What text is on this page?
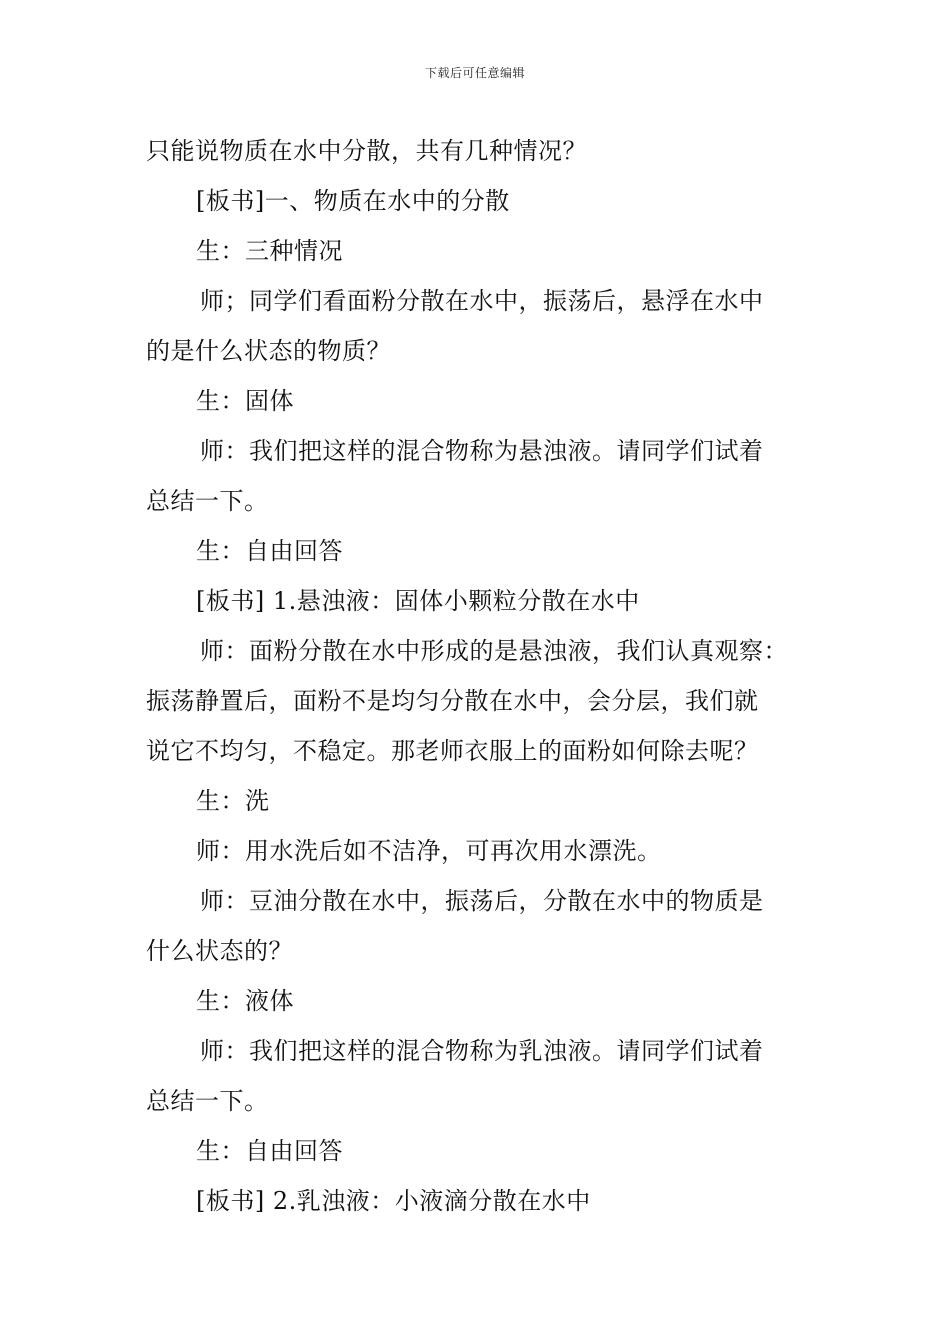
下载后可任意编辑
只能说物质在水中分散，共有几种情况？
[板书]一、物质在水中的分散
生：三种情况
师；同学们看面粉分散在水中，振荡后，悬浮在水中
的是什么状态的物质？
生：固体
师：我们把这样的混合物称为悬浊液。请同学们试着
总结一下。
生：自由回答
[板书] 1.悬浊液：固体小颗粒分散在水中
师：面粉分散在水中形成的是悬浊液，我们认真观察：
振荡静置后，面粉不是均匀分散在水中，会分层，我们就
说它不均匀，不稳定。那老师衣服上的面粉如何除去呢？
生：洗
师：用水洗后如不洁净，可再次用水漂洗。
师：豆油分散在水中，振荡后，分散在水中的物质是
什么状态的？
生：液体
师：我们把这样的混合物称为乳浊液。请同学们试着
总结一下。
生：自由回答
[板书] 2.乳浊液：小液滴分散在水中
